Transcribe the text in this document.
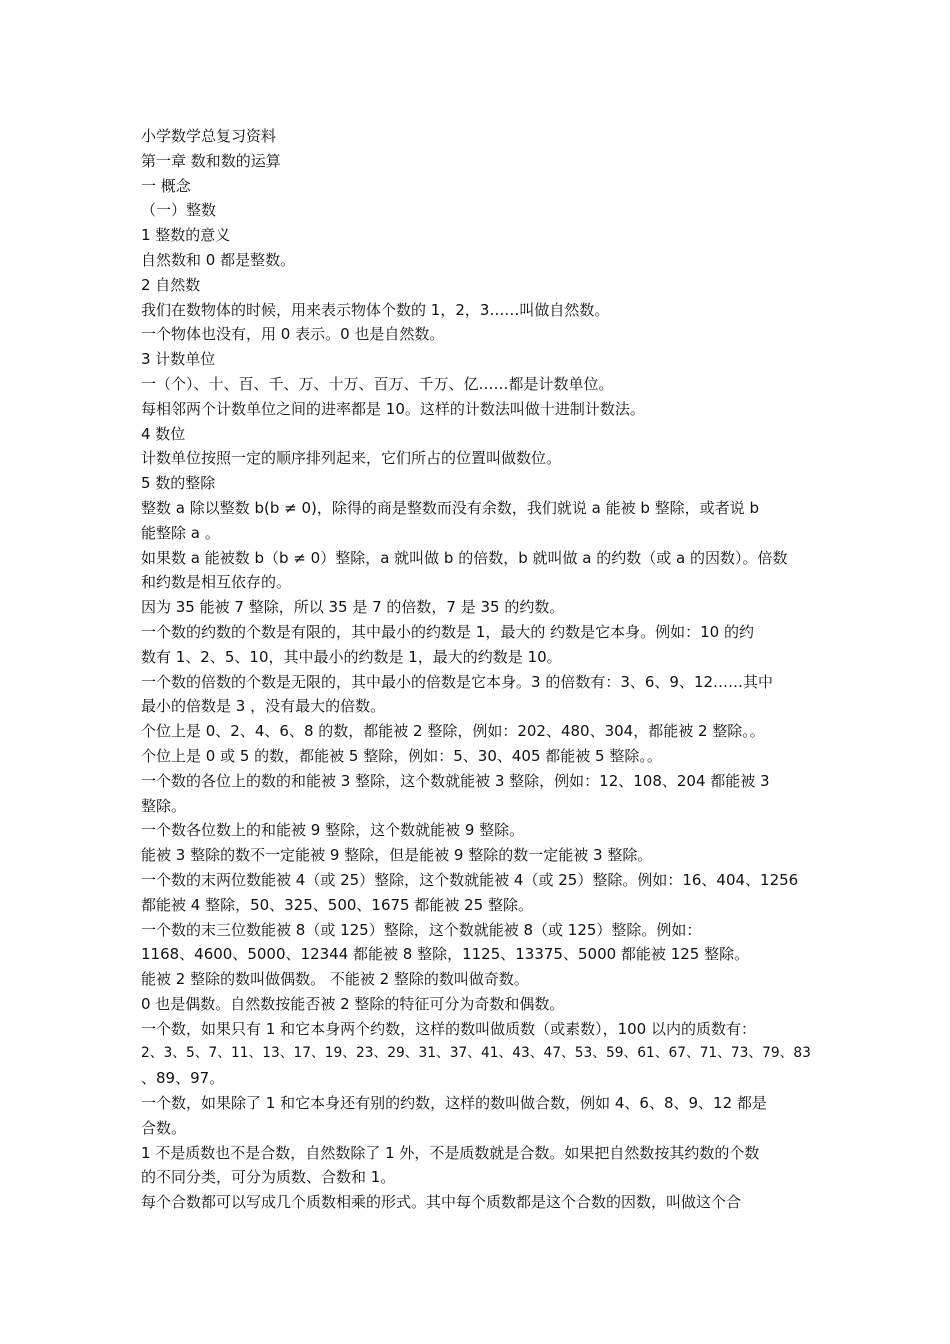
小学数学总复习资料

第一章 数和数的运算

一 概念

（一）整数

1 整数的意义

自然数和 0 都是整数。

2 自然数

我们在数物体的时候，用来表示物体个数的 1，2，3……叫做自然数。

一个物体也没有，用 0 表示。0 也是自然数。

3 计数单位

一（个）、十、百、千、万、十万、百万、千万、亿……都是计数单位。

每相邻两个计数单位之间的进率都是 10。这样的计数法叫做十进制计数法。

4 数位

计数单位按照一定的顺序排列起来，它们所占的位置叫做数位。

5 数的整除

整数 a 除以整数 b(b ≠ 0)，除得的商是整数而没有余数，我们就说 a 能被 b 整除，或者说 b

能整除 a 。

如果数 a 能被数 b（b ≠ 0）整除，a 就叫做 b 的倍数，b 就叫做 a 的约数（或 a 的因数）。倍数

和约数是相互依存的。

因为 35 能被 7 整除，所以 35 是 7 的倍数，7 是 35 的约数。

一个数的约数的个数是有限的，其中最小的约数是 1，最大的 约数是它本身。例如：10 的约

数有 1、2、5、10，其中最小的约数是 1，最大的约数是 10。

一个数的倍数的个数是无限的，其中最小的倍数是它本身。3 的倍数有：3、6、9、12……其中

最小的倍数是 3 ，没有最大的倍数。

个位上是 0、2、4、6、8 的数，都能被 2 整除，例如：202、480、304，都能被 2 整除。。

个位上是 0 或 5 的数，都能被 5 整除，例如：5、30、405 都能被 5 整除。。

一个数的各位上的数的和能被 3 整除，这个数就能被 3 整除，例如：12、108、204 都能被 3

整除。

一个数各位数上的和能被 9 整除，这个数就能被 9 整除。

能被 3 整除的数不一定能被 9 整除，但是能被 9 整除的数一定能被 3 整除。

一个数的末两位数能被 4（或 25）整除，这个数就能被 4（或 25）整除。例如：16、404、1256

都能被 4 整除，50、325、500、1675 都能被 25 整除。

一个数的末三位数能被 8（或 125）整除，这个数就能被 8（或 125）整除。例如：

1168、4600、5000、12344 都能被 8 整除，1125、13375、5000 都能被 125 整除。

能被 2 整除的数叫做偶数。 不能被 2 整除的数叫做奇数。

0 也是偶数。自然数按能否被 2 整除的特征可分为奇数和偶数。

一个数，如果只有 1 和它本身两个约数，这样的数叫做质数（或素数），100 以内的质数有：

2、3、5、7、11、13、17、19、23、29、31、37、41、43、47、53、59、61、67、71、73、79、83

、89、97。

一个数，如果除了 1 和它本身还有别的约数，这样的数叫做合数，例如 4、6、8、9、12 都是

合数。

1 不是质数也不是合数，自然数除了 1 外，不是质数就是合数。如果把自然数按其约数的个数

的不同分类，可分为质数、合数和 1。

每个合数都可以写成几个质数相乘的形式。其中每个质数都是这个合数的因数，叫做这个合
